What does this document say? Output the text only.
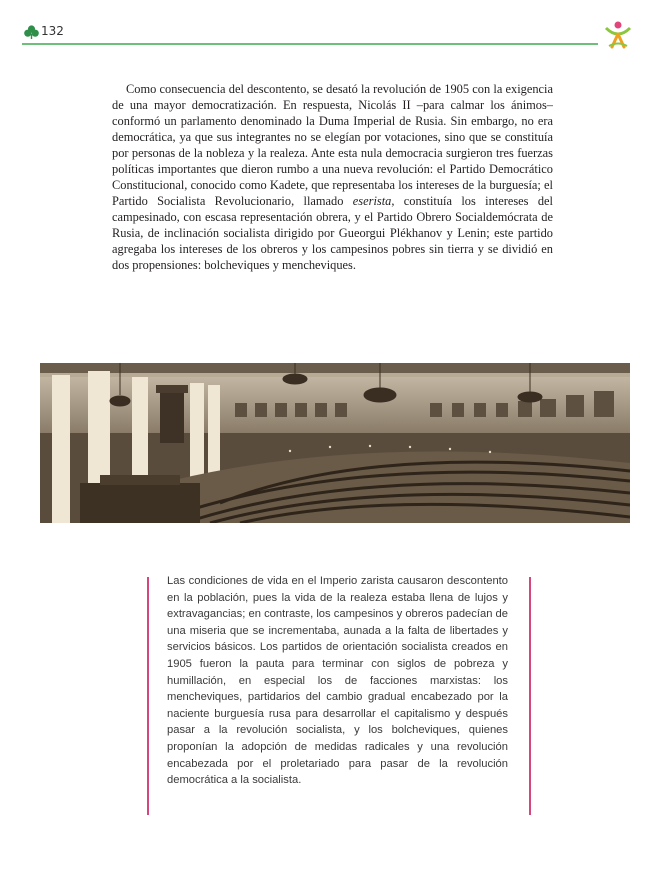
132

Como consecuencia del descontento, se desató la revolución de 1905 con la exigencia de una mayor democratización. En respuesta, Nicolás II –para calmar los ánimos– conformó un parlamento denominado la Duma Imperial de Rusia. Sin embargo, no era democrática, ya que sus integrantes no se elegían por votaciones, sino que se constituía por personas de la nobleza y la realeza. Ante esta nula democracia surgieron tres fuerzas políticas importantes que dieron rumbo a una nueva revolución: el Partido Democrático Constitucional, conocido como Kadete, que representaba los intereses de la burguesía; el Partido Socialista Revolucionario, llamado eserista, constituía los intereses del campesinado, con escasa representación obrera, y el Partido Obrero Socialdemócrata de Rusia, de inclinación socialista dirigido por Gueorgui Plékhanov y Lenin; este partido agregaba los intereses de los obreros y los campesinos pobres sin tierra y se dividió en dos propensiones: bolcheviques y mencheviques.

Las condiciones de vida en el Imperio zarista causaron descontento en la población, pues la vida de la realeza estaba llena de lujos y extravagancias; en contraste, los campesinos y obreros padecían de una miseria que se incrementaba, aunada a la falta de libertades y servicios básicos. Los partidos de orientación socialista creados en 1905 fueron la pauta para terminar con siglos de pobreza y humillación, en especial los de facciones marxistas: los mencheviques, partidarios del cambio gradual encabezado por la naciente burguesía rusa para desarrollar el capitalismo y después pasar a la revolución socialista, y los bolcheviques, quienes proponían la adopción de medidas radicales y una revolución encabezada por el proletariado para pasar de la revolución democrática a la socialista.
